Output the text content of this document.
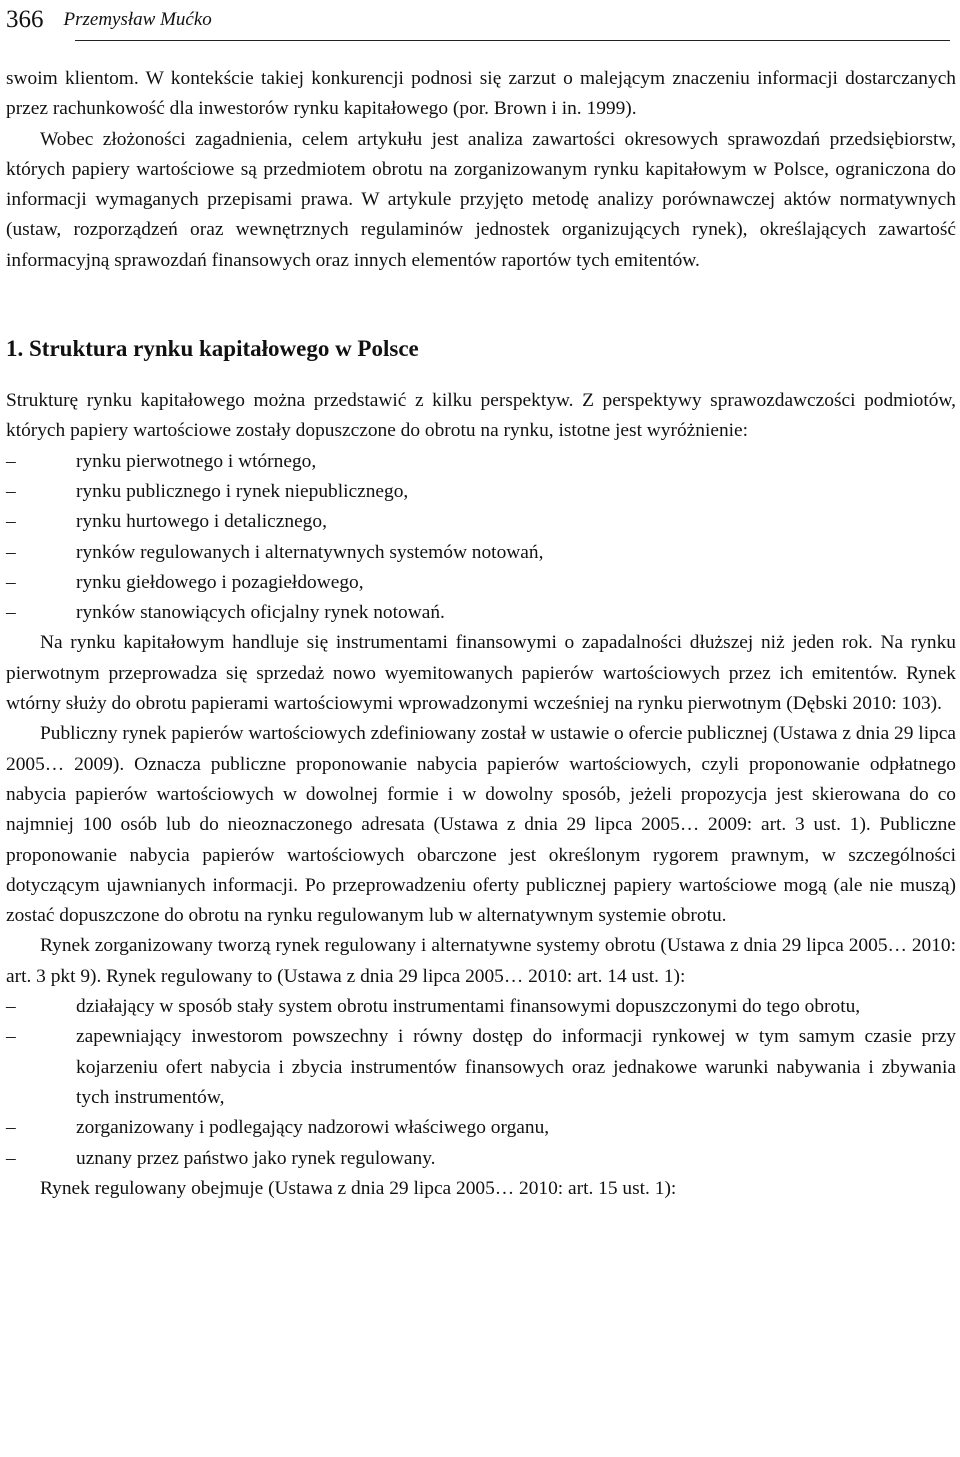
366 Przemysław Mućko

swoim klientom. W kontekście takiej konkurencji podnosi się zarzut o malejącym znaczeniu informacji dostarczanych przez rachunkowość dla inwestorów rynku kapitałowego (por. Brown i in. 1999).

Wobec złożoności zagadnienia, celem artykułu jest analiza zawartości okresowych sprawozdań przedsiębiorstw, których papiery wartościowe są przedmiotem obrotu na zorganizowanym rynku kapitałowym w Polsce, ograniczona do informacji wymaganych przepisami prawa. W artykule przyjęto metodę analizy porównawczej aktów normatywnych (ustaw, rozporządzeń oraz wewnętrznych regulaminów jednostek organizujących rynek), określających zawartość informacyjną sprawozdań finansowych oraz innych elementów raportów tych emitentów.

1. Struktura rynku kapitałowego w Polsce

Strukturę rynku kapitałowego można przedstawić z kilku perspektyw. Z perspektywy sprawozdawczości podmiotów, których papiery wartościowe zostały dopuszczone do obrotu na rynku, istotne jest wyróżnienie:

–	rynku pierwotnego i wtórnego,
–	rynku publicznego i rynek niepublicznego,
–	rynku hurtowego i detalicznego,
–	rynków regulowanych i alternatywnych systemów notowań,
–	rynku giełdowego i pozagiełdowego,
–	rynków stanowiących oficjalny rynek notowań.

Na rynku kapitałowym handluje się instrumentami finansowymi o zapadalności dłuższej niż jeden rok. Na rynku pierwotnym przeprowadza się sprzedaż nowo wyemitowanych papierów wartościowych przez ich emitentów. Rynek wtórny służy do obrotu papierami wartościowymi wprowadzonymi wcześniej na rynku pierwotnym (Dębski 2010: 103).

Publiczny rynek papierów wartościowych zdefiniowany został w ustawie o ofercie publicznej (Ustawa z dnia 29 lipca 2005… 2009). Oznacza publiczne proponowanie nabycia papierów wartościowych, czyli proponowanie odpłatnego nabycia papierów wartościowych w dowolnej formie i w dowolny sposób, jeżeli propozycja jest skierowana do co najmniej 100 osób lub do nieoznaczonego adresata (Ustawa z dnia 29 lipca 2005… 2009: art. 3 ust. 1). Publiczne proponowanie nabycia papierów wartościowych obarczone jest określonym rygorem prawnym, w szczególności dotyczącym ujawnianych informacji. Po przeprowadzeniu oferty publicznej papiery wartościowe mogą (ale nie muszą) zostać dopuszczone do obrotu na rynku regulowanym lub w alternatywnym systemie obrotu.

Rynek zorganizowany tworzą rynek regulowany i alternatywne systemy obrotu (Ustawa z dnia 29 lipca 2005… 2010: art. 3 pkt 9). Rynek regulowany to (Ustawa z dnia 29 lipca 2005… 2010: art. 14 ust. 1):

–	działający w sposób stały system obrotu instrumentami finansowymi dopuszczonymi do tego obrotu,
–	zapewniający inwestorom powszechny i równy dostęp do informacji rynkowej w tym samym czasie przy kojarzeniu ofert nabycia i zbycia instrumentów finansowych oraz jednakowe warunki nabywania i zbywania tych instrumentów,
–	zorganizowany i podlegający nadzorowi właściwego organu,
–	uznany przez państwo jako rynek regulowany.

Rynek regulowany obejmuje (Ustawa z dnia 29 lipca 2005… 2010: art. 15 ust. 1):
